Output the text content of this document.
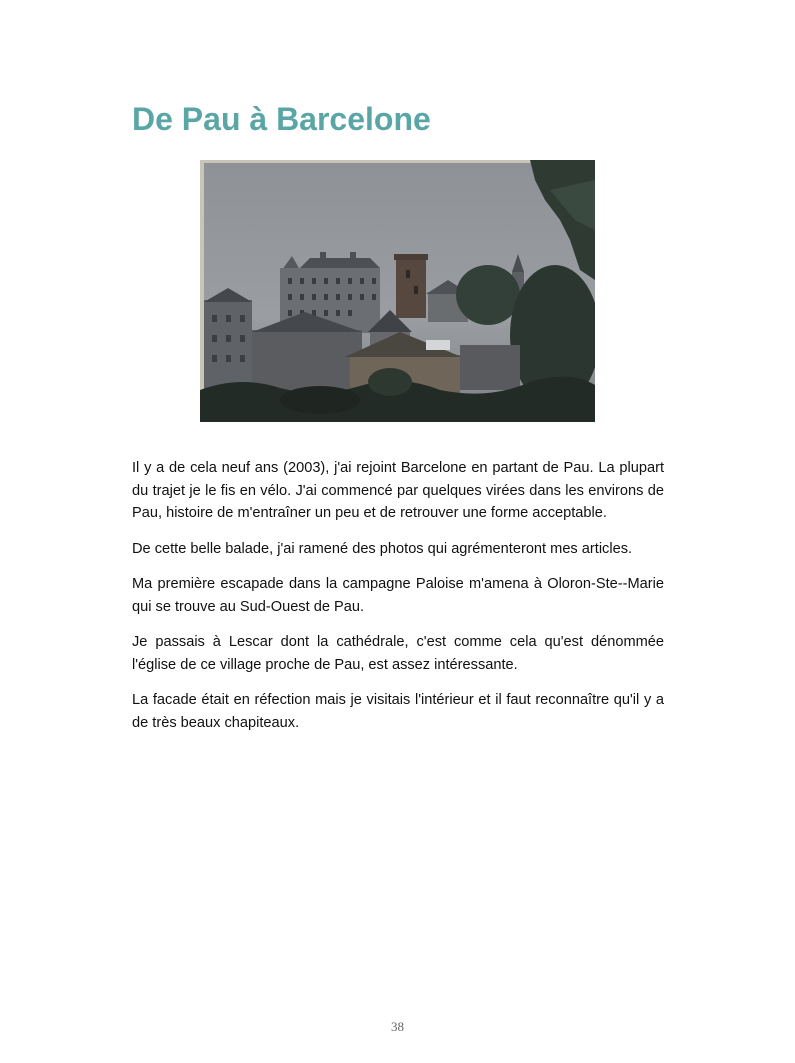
De Pau à Barcelone

Il y a de cela neuf ans (2003), j'ai rejoint Barcelone en partant de Pau. La plupart du trajet je le fis en vélo. J'ai commencé par quelques virées dans les environs de Pau, histoire de m'entraîner un peu et de retrouver une forme acceptable.

De cette belle balade, j'ai ramené des photos qui agrémenteront mes articles.

Ma première escapade dans la campagne Paloise m'amena à Oloron-Ste--Marie qui se trouve au Sud-Ouest de Pau.

Je passais à Lescar dont la cathédrale, c'est comme cela qu'est dénommée l'église de ce village proche de Pau, est assez intéressante.

La facade était en réfection mais je visitais l'intérieur et il faut reconnaître qu'il y a de très beaux chapiteaux.

38
